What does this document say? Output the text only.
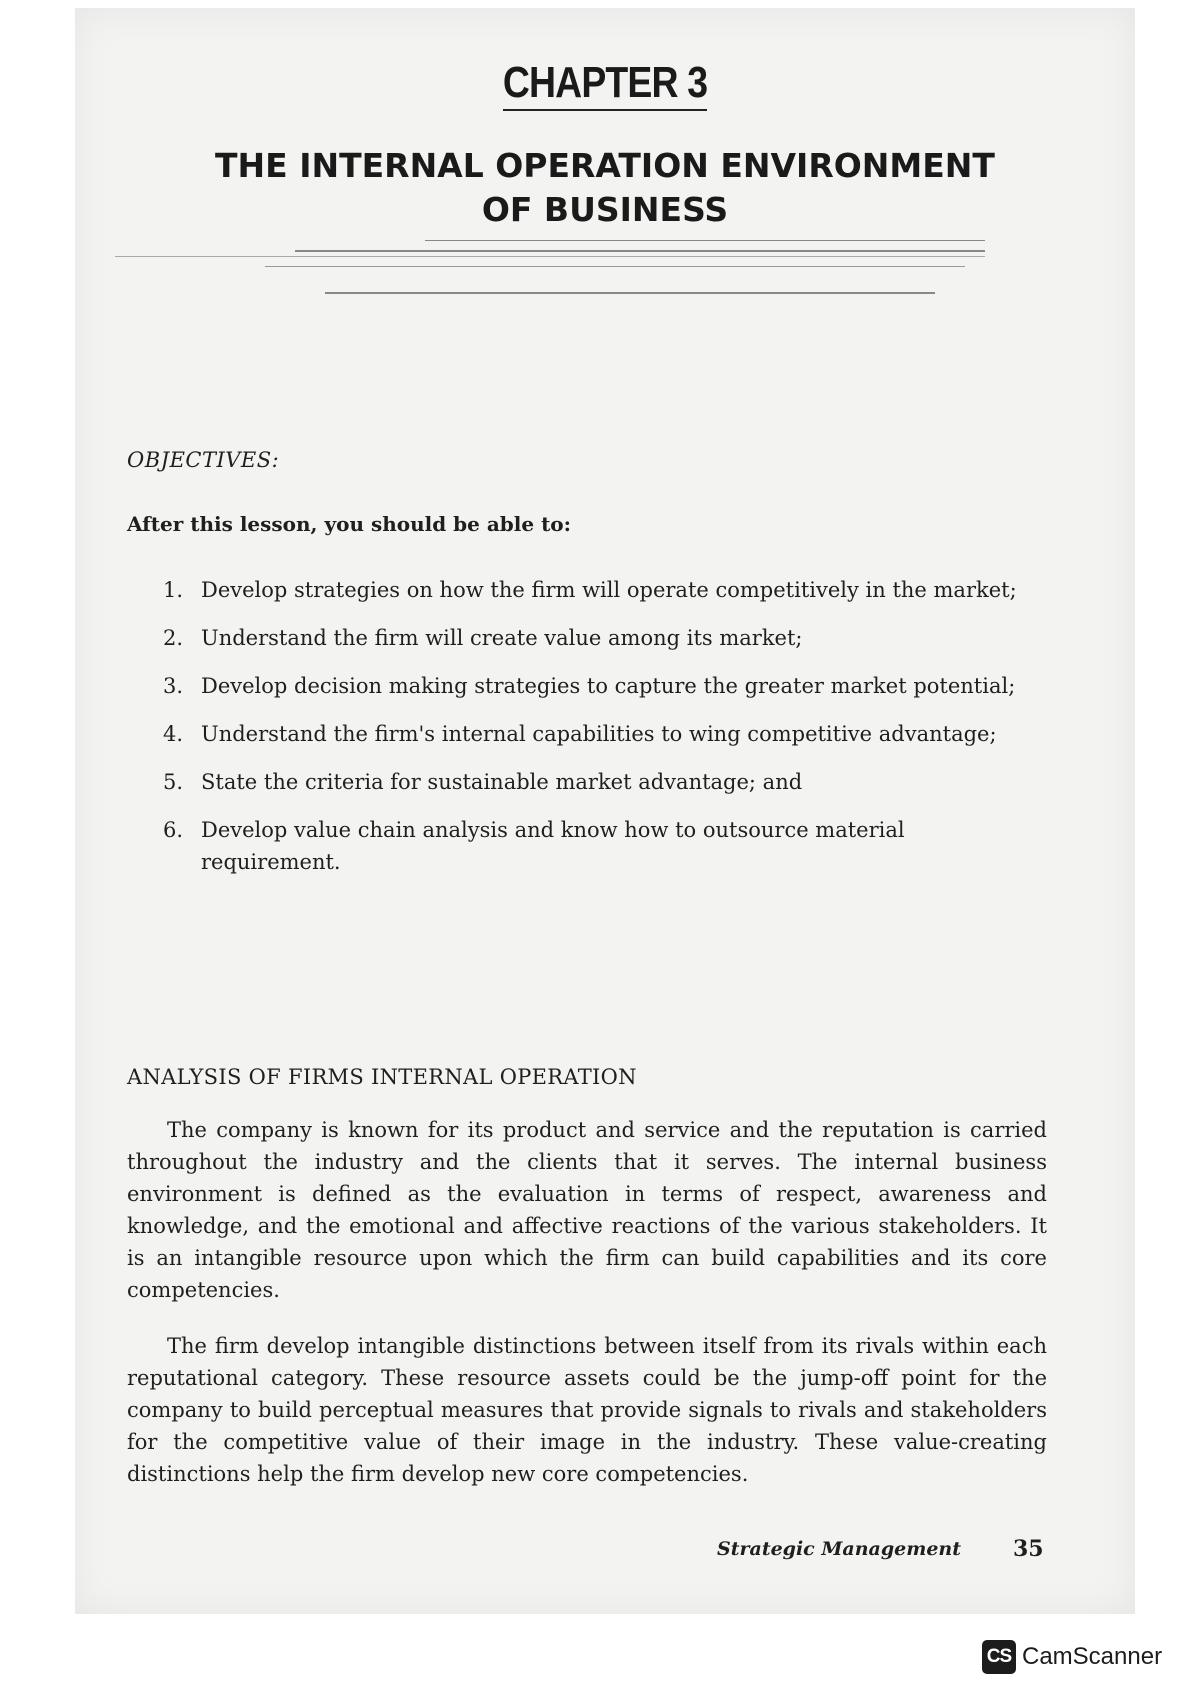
CHAPTER 3
THE INTERNAL OPERATION ENVIRONMENT
OF BUSINESS
OBJECTIVES:
After this lesson, you should be able to:
1. Develop strategies on how the firm will operate competitively in the market;
2. Understand the firm will create value among its market;
3. Develop decision making strategies to capture the greater market potential;
4. Understand the firm's internal capabilities to wing competitive advantage;
5. State the criteria for sustainable market advantage; and
6. Develop value chain analysis and know how to outsource material requirement.
ANALYSIS OF FIRMS INTERNAL OPERATION

The company is known for its product and service and the reputation is carried throughout the industry and the clients that it serves. The internal business environment is defined as the evaluation in terms of respect, awareness and knowledge, and the emotional and affective reactions of the various stakeholders. It is an intangible resource upon which the firm can build capabilities and its core competencies.

The firm develop intangible distinctions between itself from its rivals within each reputational category. These resource assets could be the jump-off point for the company to build perceptual measures that provide signals to rivals and stakeholders for the competitive value of their image in the industry. These value-creating distinctions help the firm develop new core competencies.

Strategic Management 35
CS CamScanner
